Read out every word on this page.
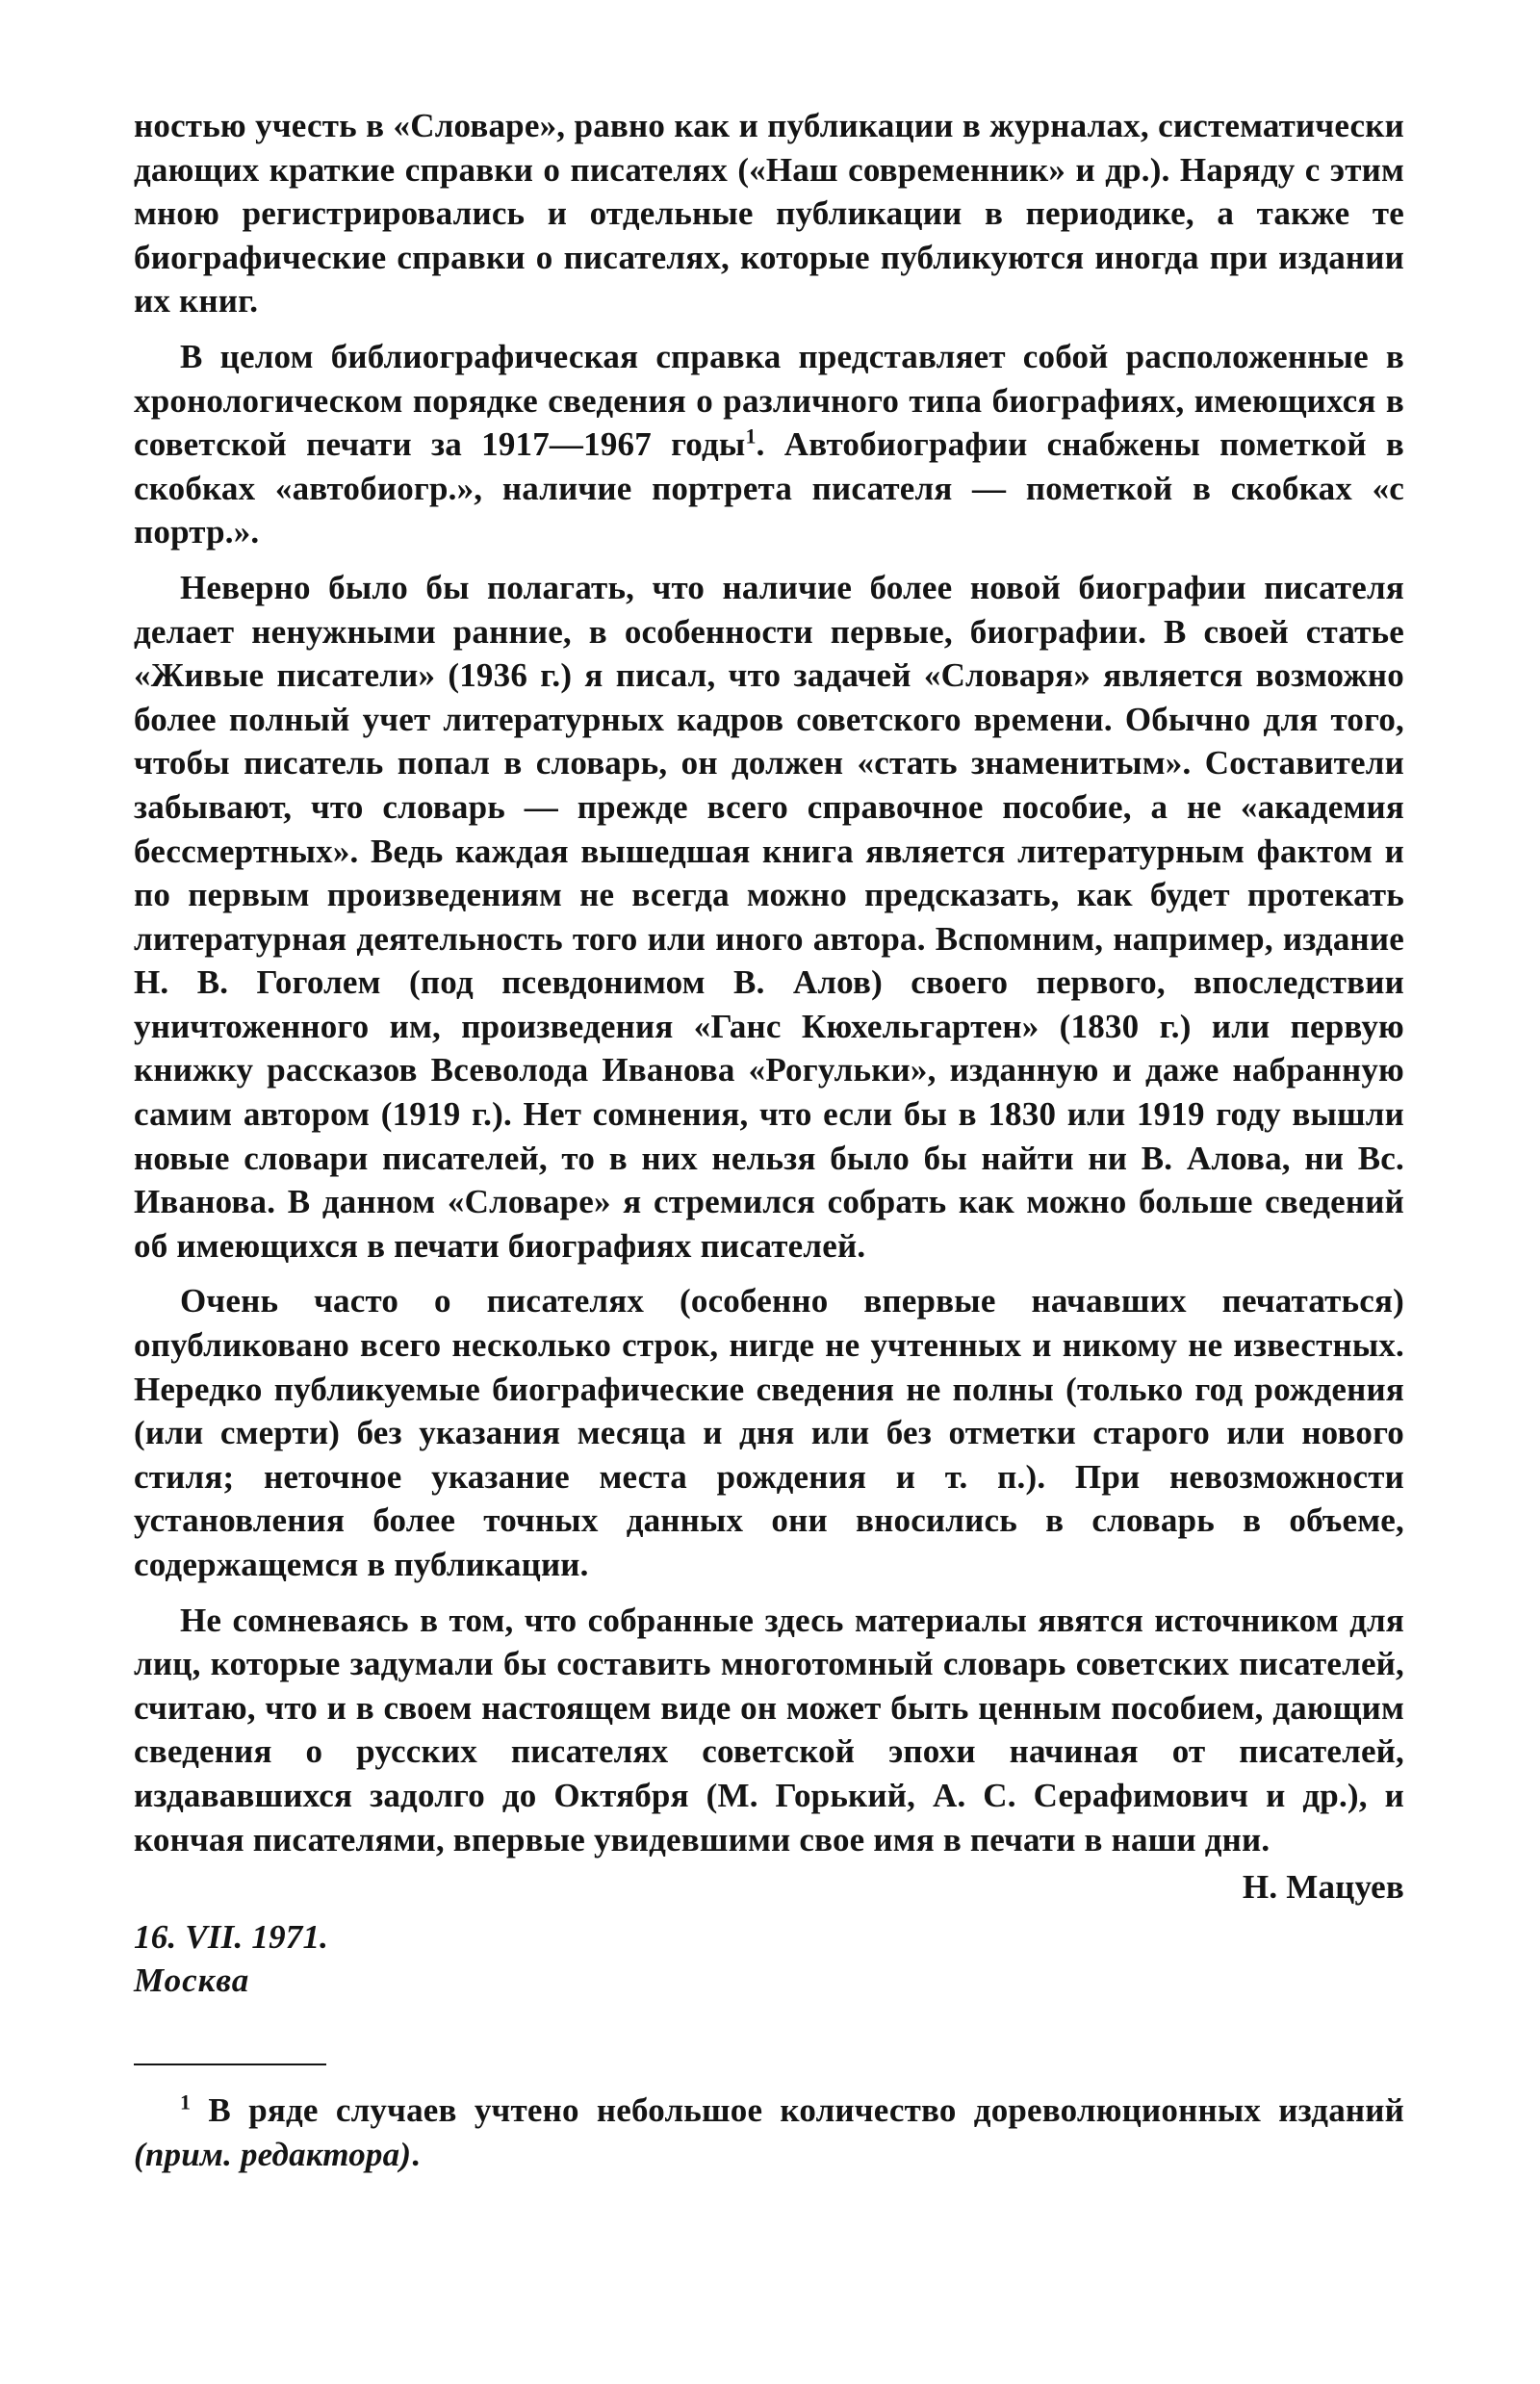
ностью учесть в «Словаре», равно как и публикации в журналах, систематически дающих краткие справки о писателях («Наш современник» и др.). Наряду с этим мною регистрировались и отдельные публикации в периодике, а также те биографические справки о писателях, которые публикуются иногда при издании их книг.

В целом библиографическая справка представляет собой расположенные в хронологическом порядке сведения о различного типа биографиях, имеющихся в советской печати за 1917—1967 годы$^1$. Автобиографии снабжены пометкой в скобках «автобиогр.», наличие портрета писателя — пометкой в скобках «с портр.».

Неверно было бы полагать, что наличие более новой биографии писателя делает ненужными ранние, в особенности первые, биографии. В своей статье «Живые писатели» (1936 г.) я писал, что задачей «Словаря» является возможно более полный учет литературных кадров советского времени. Обычно для того, чтобы писатель попал в словарь, он должен «стать знаменитым». Составители забывают, что словарь — прежде всего справочное пособие, а не «академия бессмертных». Ведь каждая вышедшая книга является литературным фактом и по первым произведениям не всегда можно предсказать, как будет протекать литературная деятельность того или иного автора. Вспомним, например, издание Н. В. Гоголем (под псевдонимом В. Алов) своего первого, впоследствии уничтоженного им, произведения «Ганс Кюхельгартен» (1830 г.) или первую книжку рассказов Всеволода Иванова «Рогульки», изданную и даже набранную самим автором (1919 г.). Нет сомнения, что если бы в 1830 или 1919 году вышли новые словари писателей, то в них нельзя было бы найти ни В. Алова, ни Вс. Иванова. В данном «Словаре» я стремился собрать как можно больше сведений об имеющихся в печати биографиях писателей.

Очень часто о писателях (особенно впервые начавших печататься) опубликовано всего несколько строк, нигде не учтенных и никому не известных. Нередко публикуемые биографические сведения не полны (только год рождения (или смерти) без указания месяца и дня или без отметки старого или нового стиля; неточное указание места рождения и т. п.). При невозможности установления более точных данных они вносились в словарь в объеме, содержащемся в публикации.

Не сомневаясь в том, что собранные здесь материалы явятся источником для лиц, которые задумали бы составить многотомный словарь советских писателей, считаю, что и в своем настоящем виде он может быть ценным пособием, дающим сведения о русских писателях советской эпохи начиная от писателей, издававшихся задолго до Октября (М. Горький, А. С. Серафимович и др.), и кончая писателями, впервые увидевшими свое имя в печати в наши дни.

Н. Мацуев
16. VII. 1971.
Москва

$^1$ В ряде случаев учтено небольшое количество дореволюционных изданий (прим. редактора).
